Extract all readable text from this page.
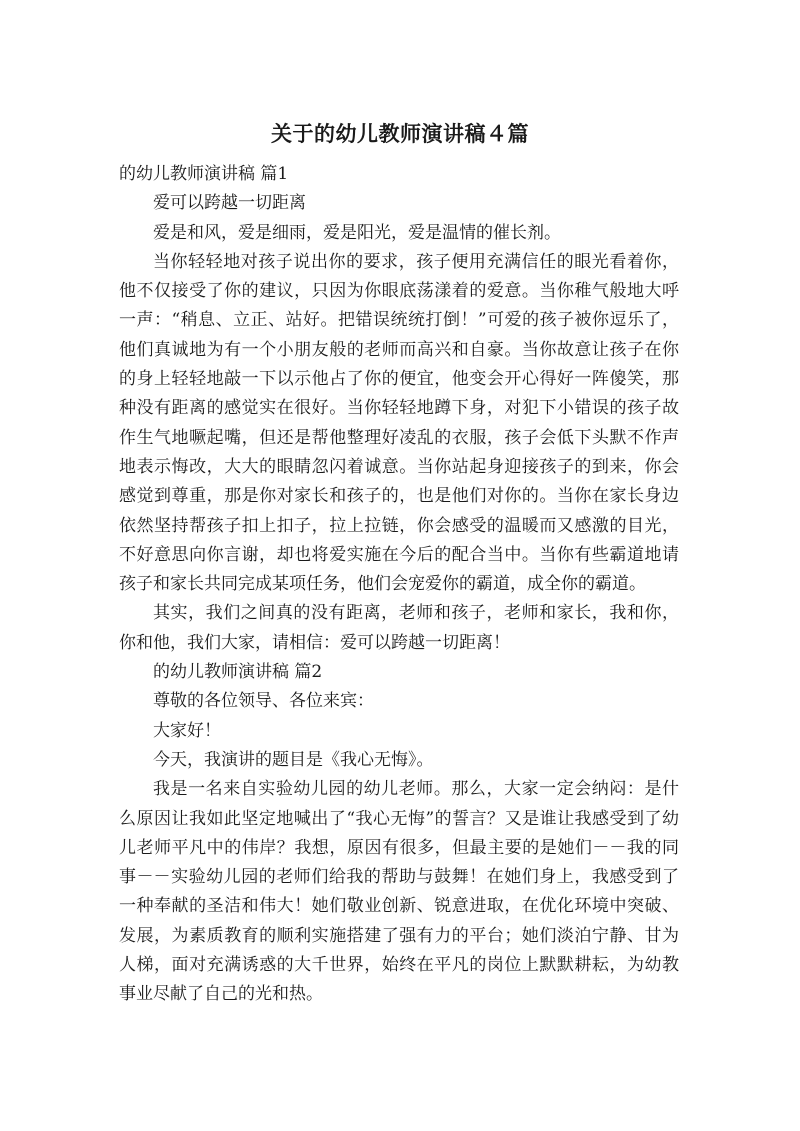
关于的幼儿教师演讲稿４篇

的幼儿教师演讲稿 篇1

爱可以跨越一切距离

爱是和风，爱是细雨，爱是阳光，爱是温情的催长剂。

当你轻轻地对孩子说出你的要求，孩子便用充满信任的眼光看着你，他不仅接受了你的建议，只因为你眼底荡漾着的爱意。当你稚气般地大呼一声：“稍息、立正、站好。把错误统统打倒！”可爱的孩子被你逗乐了，他们真诚地为有一个小朋友般的老师而高兴和自豪。当你故意让孩子在你的身上轻轻地敲一下以示他占了你的便宜，他变会开心得好一阵傻笑，那种没有距离的感觉实在很好。当你轻轻地蹲下身，对犯下小错误的孩子故作生气地噘起嘴，但还是帮他整理好凌乱的衣服，孩子会低下头默不作声地表示悔改，大大的眼睛忽闪着诚意。当你站起身迎接孩子的到来，你会感觉到尊重，那是你对家长和孩子的，也是他们对你的。当你在家长身边依然坚持帮孩子扣上扣子，拉上拉链，你会感受的温暖而又感激的目光，不好意思向你言谢，却也将爱实施在今后的配合当中。当你有些霸道地请孩子和家长共同完成某项任务，他们会宠爱你的霸道，成全你的霸道。

其实，我们之间真的没有距离，老师和孩子，老师和家长，我和你，你和他，我们大家，请相信：爱可以跨越一切距离！

的幼儿教师演讲稿 篇2

尊敬的各位领导、各位来宾：

大家好！

今天，我演讲的题目是《我心无悔》。

我是一名来自实验幼儿园的幼儿老师。那么，大家一定会纳闷：是什么原因让我如此坚定地喊出了“我心无悔”的誓言？又是谁让我感受到了幼儿老师平凡中的伟岸？我想，原因有很多，但最主要的是她们－－我的同事－－实验幼儿园的老师们给我的帮助与鼓舞！在她们身上，我感受到了一种奉献的圣洁和伟大！她们敬业创新、锐意进取，在优化环境中突破、发展，为素质教育的顺利实施搭建了强有力的平台；她们淡泊宁静、甘为人梯，面对充满诱惑的大千世界，始终在平凡的岗位上默默耕耘，为幼教事业尽献了自己的光和热。
